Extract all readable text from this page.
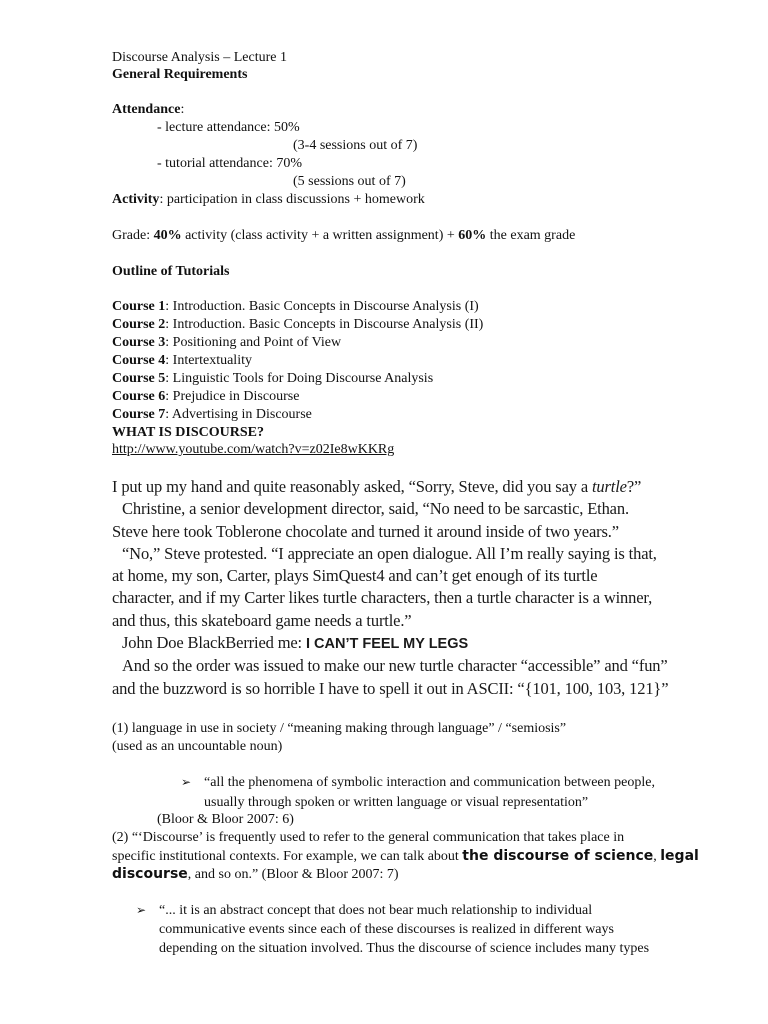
Discourse Analysis – Lecture 1
General Requirements
Attendance:
- lecture attendance: 50%
(3-4 sessions out of 7)
- tutorial attendance: 70%
(5 sessions out of 7)
Activity: participation in class discussions + homework
Grade: 40% activity (class activity + a written assignment) + 60% the exam grade
Outline of Tutorials
Course 1: Introduction. Basic Concepts in Discourse Analysis (I)
Course 2: Introduction. Basic Concepts in Discourse Analysis (II)
Course 3: Positioning and Point of View
Course 4: Intertextuality
Course 5: Linguistic Tools for Doing Discourse Analysis
Course 6: Prejudice in Discourse
Course 7: Advertising in Discourse
WHAT IS DISCOURSE?
http://www.youtube.com/watch?v=z02Ie8wKKRg
I put up my hand and quite reasonably asked, “Sorry, Steve, did you say a turtle?”
Christine, a senior development director, said, “No need to be sarcastic, Ethan.
Steve here took Toblerone chocolate and turned it around inside of two years.”
“No,” Steve protested. “I appreciate an open dialogue. All I’m really saying is that,
at home, my son, Carter, plays SimQuest4 and can’t get enough of its turtle
character, and if my Carter likes turtle characters, then a turtle character is a winner,
and thus, this skateboard game needs a turtle.”
John Doe BlackBerried me: I CAN’T FEEL MY LEGS
And so the order was issued to make our new turtle character “accessible” and “fun”
and the buzzword is so horrible I have to spell it out in ASCII: “{101, 100, 103, 121}”
(1) language in use in society / “meaning making through language” / “semiosis”
(used as an uncountable noun)
➢ “all the phenomena of symbolic interaction and communication between people,
usually through spoken or written language or visual representation”
(Bloor & Bloor 2007: 6)
(2) “‘Discourse’ is frequently used to refer to the general communication that takes place in
specific institutional contexts. For example, we can talk about the discourse of science, legal
discourse, and so on.” (Bloor & Bloor 2007: 7)
➢ “... it is an abstract concept that does not bear much relationship to individual
communicative events since each of these discourses is realized in different ways
depending on the situation involved. Thus the discourse of science includes many types
